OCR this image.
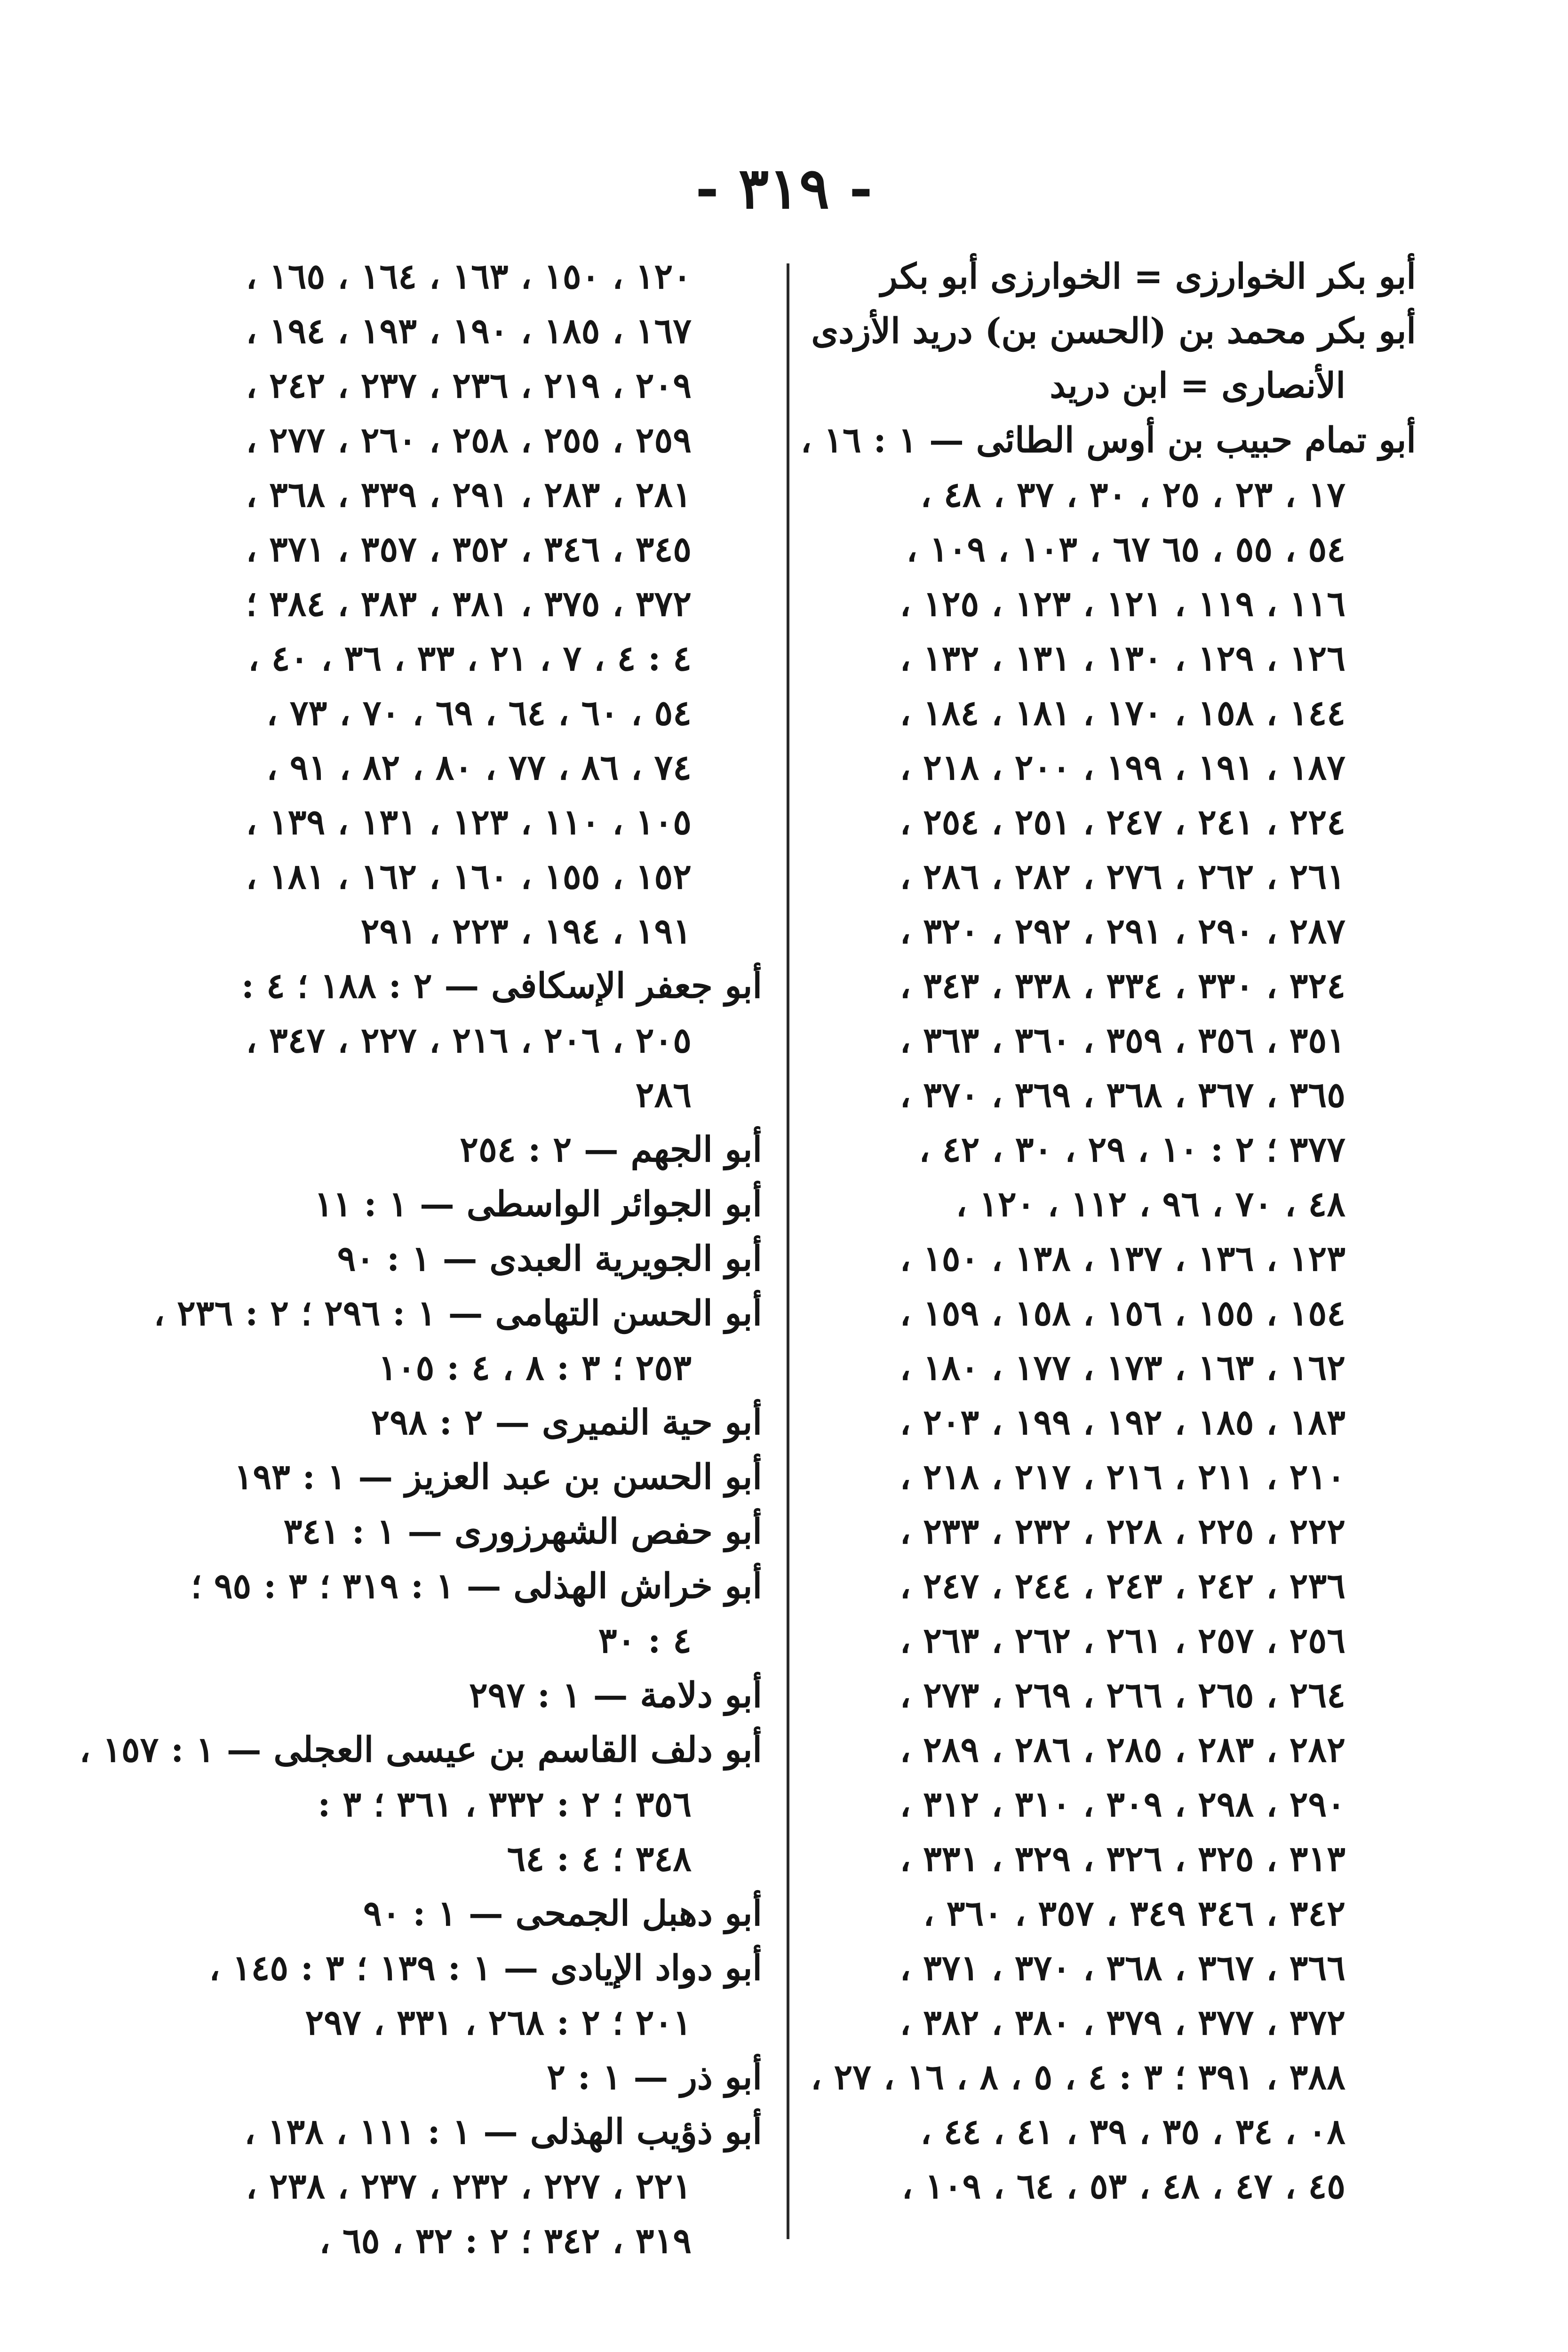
- ٣١٩ -
أبو بكر الخوارزى = الخوارزى أبو بكر
أبو بكر محمد بن (الحسن بن) دريد الأزدى
الأنصارى = ابن دريد
أبو تمام حبيب بن أوس الطائى — ١ : ١٦ ،
١٧ ، ٢٣ ، ٢٥ ، ٣٠ ، ٣٧ ، ٤٨ ،
٥٤ ، ٥٥ ، ٦٥ ٦٧ ، ١٠٣ ، ١٠٩ ،
١١٦ ، ١١٩ ، ١٢١ ، ١٢٣ ، ١٢٥ ،
١٢٦ ، ١٢٩ ، ١٣٠ ، ١٣١ ، ١٣٢ ،
١٤٤ ، ١٥٨ ، ١٧٠ ، ١٨١ ، ١٨٤ ،
١٨٧ ، ١٩١ ، ١٩٩ ، ٢٠٠ ، ٢١٨ ،
٢٢٤ ، ٢٤١ ، ٢٤٧ ، ٢٥١ ، ٢٥٤ ،
٢٦١ ، ٢٦٢ ، ٢٧٦ ، ٢٨٢ ، ٢٨٦ ،
٢٨٧ ، ٢٩٠ ، ٢٩١ ، ٢٩٢ ، ٣٢٠ ،
٣٢٤ ، ٣٣٠ ، ٣٣٤ ، ٣٣٨ ، ٣٤٣ ،
٣٥١ ، ٣٥٦ ، ٣٥٩ ، ٣٦٠ ، ٣٦٣ ،
٣٦٥ ، ٣٦٧ ، ٣٦٨ ، ٣٦٩ ، ٣٧٠ ،
٣٧٧ ؛ ٢ : ١٠ ، ٢٩ ، ٣٠ ، ٤٢ ،
٤٨ ، ٧٠ ، ٩٦ ، ١١٢ ، ١٢٠ ،
١٢٣ ، ١٣٦ ، ١٣٧ ، ١٣٨ ، ١٥٠ ،
١٥٤ ، ١٥٥ ، ١٥٦ ، ١٥٨ ، ١٥٩ ،
١٦٢ ، ١٦٣ ، ١٧٣ ، ١٧٧ ، ١٨٠ ،
١٨٣ ، ١٨٥ ، ١٩٢ ، ١٩٩ ، ٢٠٣ ،
٢١٠ ، ٢١١ ، ٢١٦ ، ٢١٧ ، ٢١٨ ،
٢٢٢ ، ٢٢٥ ، ٢٢٨ ، ٢٣٢ ، ٢٣٣ ،
٢٣٦ ، ٢٤٢ ، ٢٤٣ ، ٢٤٤ ، ٢٤٧ ،
٢٥٦ ، ٢٥٧ ، ٢٦١ ، ٢٦٢ ، ٢٦٣ ،
٢٦٤ ، ٢٦٥ ، ٢٦٦ ، ٢٦٩ ، ٢٧٣ ،
٢٨٢ ، ٢٨٣ ، ٢٨٥ ، ٢٨٦ ، ٢٨٩ ،
٢٩٠ ، ٢٩٨ ، ٣٠٩ ، ٣١٠ ، ٣١٢ ،
٣١٣ ، ٣٢٥ ، ٣٢٦ ، ٣٢٩ ، ٣٣١ ،
٣٤٢ ، ٣٤٦ ٣٤٩ ، ٣٥٧ ، ٣٦٠ ،
٣٦٦ ، ٣٦٧ ، ٣٦٨ ، ٣٧٠ ، ٣٧١ ،
٣٧٢ ، ٣٧٧ ، ٣٧٩ ، ٣٨٠ ، ٣٨٢ ،
٣٨٨ ، ٣٩١ ؛ ٣ : ٤ ، ٥ ، ٨ ، ١٦ ، ٢٧ ،
٠٨ ، ٣٤ ، ٣٥ ، ٣٩ ، ٤١ ، ٤٤ ،
٤٥ ، ٤٧ ، ٤٨ ، ٥٣ ، ٦٤ ، ١٠٩ ،
١٢٠ ، ١٥٠ ، ١٦٣ ، ١٦٤ ، ١٦٥ ،
١٦٧ ، ١٨٥ ، ١٩٠ ، ١٩٣ ، ١٩٤ ،
٢٠٩ ، ٢١٩ ، ٢٣٦ ، ٢٣٧ ، ٢٤٢ ،
٢٥٩ ، ٢٥٥ ، ٢٥٨ ، ٢٦٠ ، ٢٧٧ ،
٢٨١ ، ٢٨٣ ، ٢٩١ ، ٣٣٩ ، ٣٦٨ ،
٣٤٥ ، ٣٤٦ ، ٣٥٢ ، ٣٥٧ ، ٣٧١ ،
٣٧٢ ، ٣٧٥ ، ٣٨١ ، ٣٨٣ ، ٣٨٤ ؛
٤ : ٤ ، ٧ ، ٢١ ، ٣٣ ، ٣٦ ، ٤٠ ،
٥٤ ، ٦٠ ، ٦٤ ، ٦٩ ، ٧٠ ، ٧٣ ،
٧٤ ، ٨٦ ، ٧٧ ، ٨٠ ، ٨٢ ، ٩١ ،
١٠٥ ، ١١٠ ، ١٢٣ ، ١٣١ ، ١٣٩ ،
١٥٢ ، ١٥٥ ، ١٦٠ ، ١٦٢ ، ١٨١ ،
١٩١ ، ١٩٤ ، ٢٢٣ ، ٢٩١
أبو جعفر الإسكافى — ٢ : ١٨٨ ؛ ٤ :
٢٠٥ ، ٢٠٦ ، ٢١٦ ، ٢٢٧ ، ٣٤٧ ،
٢٨٦
أبو الجهم — ٢ : ٢٥٤
أبو الجوائر الواسطى — ١ : ١١
أبو الجويرية العبدى — ١ : ٩٠
أبو الحسن التهامى — ١ : ٢٩٦ ؛ ٢ : ٢٣٦ ،
٢٥٣ ؛ ٣ : ٨ ، ٤ : ١٠٥
أبو حية النميرى — ٢ : ٢٩٨
أبو الحسن بن عبد العزيز — ١ : ١٩٣
أبو حفص الشهرزورى — ١ : ٣٤١
أبو خراش الهذلى — ١ : ٣١٩ ؛ ٣ : ٩٥ ؛
٤ : ٣٠
أبو دلامة — ١ : ٢٩٧
أبو دلف القاسم بن عيسى العجلى — ١ : ١٥٧ ،
٣٥٦ ؛ ٢ : ٣٣٢ ، ٣٦١ ؛ ٣ :
٣٤٨ ؛ ٤ : ٦٤
أبو دهبل الجمحى — ١ : ٩٠
أبو دواد الإيادى — ١ : ١٣٩ ؛ ٣ : ١٤٥ ،
٢٠١ ؛ ٢ : ٢٦٨ ، ٣٣١ ، ٢٩٧
أبو ذر — ١ : ٢
أبو ذؤيب الهذلى — ١ : ١١١ ، ١٣٨ ،
٢٢١ ، ٢٢٧ ، ٢٣٢ ، ٢٣٧ ، ٢٣٨ ،
٣١٩ ، ٣٤٢ ؛ ٢ : ٣٢ ، ٦٥ ،
